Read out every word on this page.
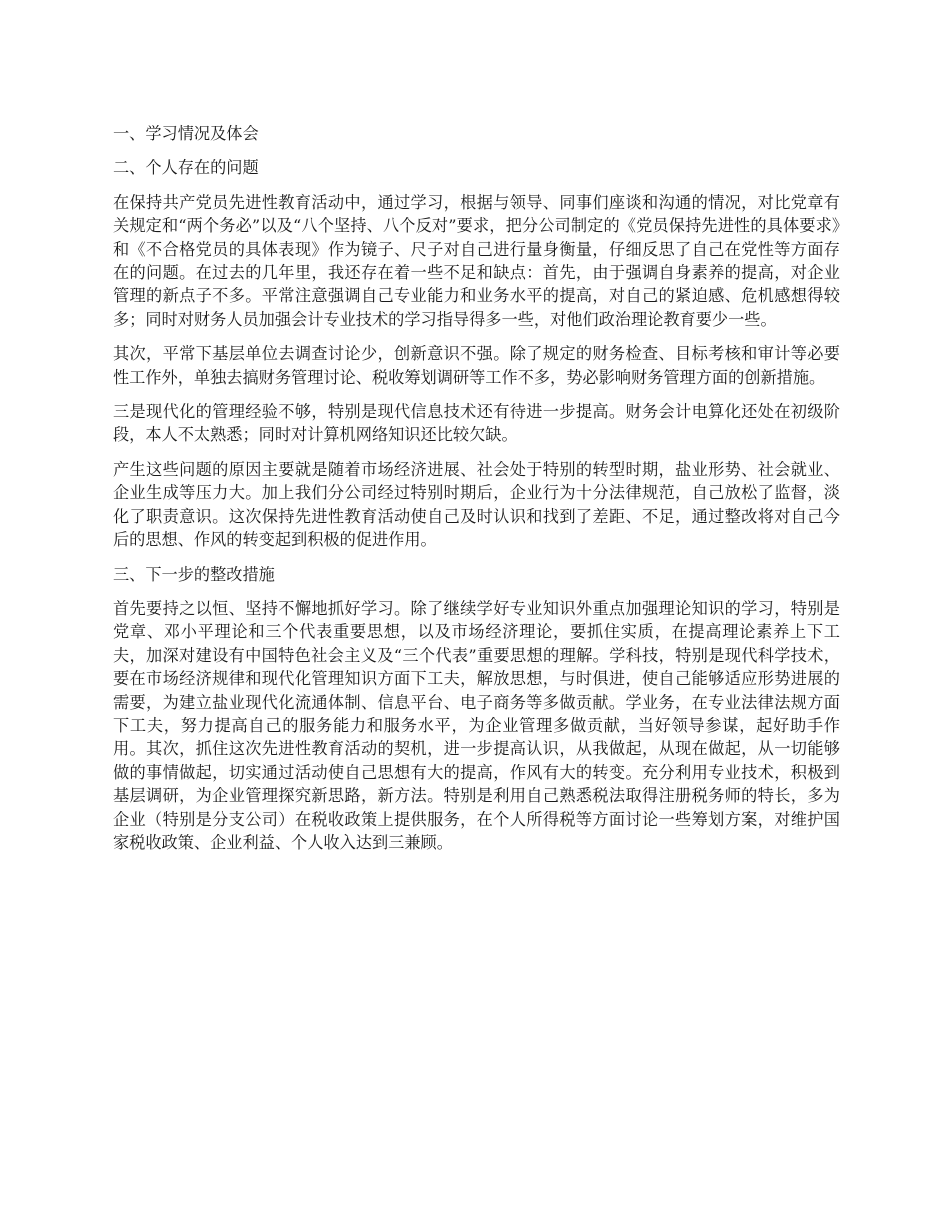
一、学习情况及体会

二、个人存在的问题

在保持共产党员先进性教育活动中，通过学习，根据与领导、同事们座谈和沟通的情况，对比党章有关规定和“两个务必”以及“八个坚持、八个反对”要求，把分公司制定的《党员保持先进性的具体要求》和《不合格党员的具体表现》作为镜子、尺子对自己进行量身衡量，仔细反思了自己在党性等方面存在的问题。在过去的几年里，我还存在着一些不足和缺点：首先，由于强调自身素养的提高，对企业管理的新点子不多。平常注意强调自己专业能力和业务水平的提高，对自己的紧迫感、危机感想得较多；同时对财务人员加强会计专业技术的学习指导得多一些，对他们政治理论教育要少一些。

其次，平常下基层单位去调查讨论少，创新意识不强。除了规定的财务检查、目标考核和审计等必要性工作外，单独去搞财务管理讨论、税收筹划调研等工作不多，势必影响财务管理方面的创新措施。

三是现代化的管理经验不够，特别是现代信息技术还有待进一步提高。财务会计电算化还处在初级阶段，本人不太熟悉；同时对计算机网络知识还比较欠缺。

产生这些问题的原因主要就是随着市场经济进展、社会处于特别的转型时期，盐业形势、社会就业、企业生成等压力大。加上我们分公司经过特别时期后，企业行为十分法律规范，自己放松了监督，淡化了职责意识。这次保持先进性教育活动使自己及时认识和找到了差距、不足，通过整改将对自己今后的思想、作风的转变起到积极的促进作用。

三、下一步的整改措施

首先要持之以恒、坚持不懈地抓好学习。除了继续学好专业知识外重点加强理论知识的学习，特别是党章、邓小平理论和三个代表重要思想，以及市场经济理论，要抓住实质，在提高理论素养上下工夫，加深对建设有中国特色社会主义及“三个代表”重要思想的理解。学科技，特别是现代科学技术，要在市场经济规律和现代化管理知识方面下工夫，解放思想，与时俱进，使自己能够适应形势进展的需要，为建立盐业现代化流通体制、信息平台、电子商务等多做贡献。学业务，在专业法律法规方面下工夫，努力提高自己的服务能力和服务水平，为企业管理多做贡献，当好领导参谋，起好助手作用。其次，抓住这次先进性教育活动的契机，进一步提高认识，从我做起，从现在做起，从一切能够做的事情做起，切实通过活动使自己思想有大的提高，作风有大的转变。充分利用专业技术，积极到基层调研，为企业管理探究新思路，新方法。特别是利用自己熟悉税法取得注册税务师的特长，多为企业（特别是分支公司）在税收政策上提供服务，在个人所得税等方面讨论一些筹划方案，对维护国家税收政策、企业利益、个人收入达到三兼顾。
